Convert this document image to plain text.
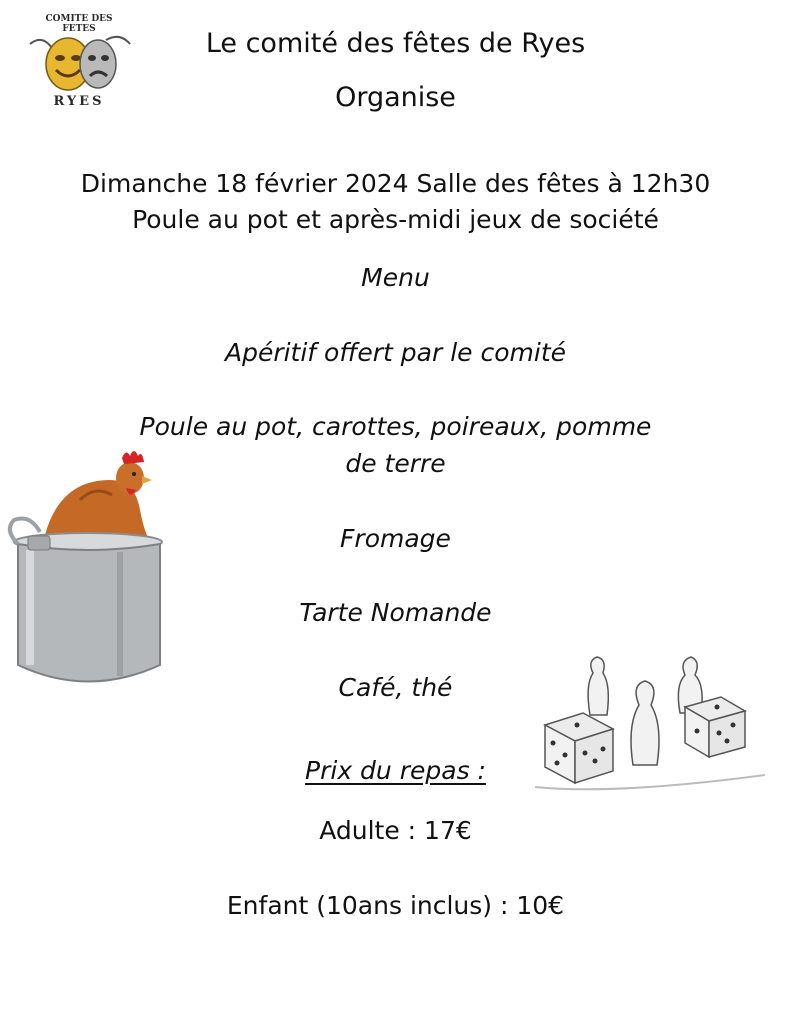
COMITE DES FETES
RYES
Le comité des fêtes de Ryes
Organise
Dimanche 18 février 2024 Salle des fêtes à 12h30
Poule au pot et après-midi jeux de société
Menu
Apéritif offert par le comité
Poule au pot, carottes, poireaux, pomme
de terre
Fromage
Tarte Nomande
Café, thé
Prix du repas :
Adulte : 17€
Enfant (10ans inclus) : 10€
